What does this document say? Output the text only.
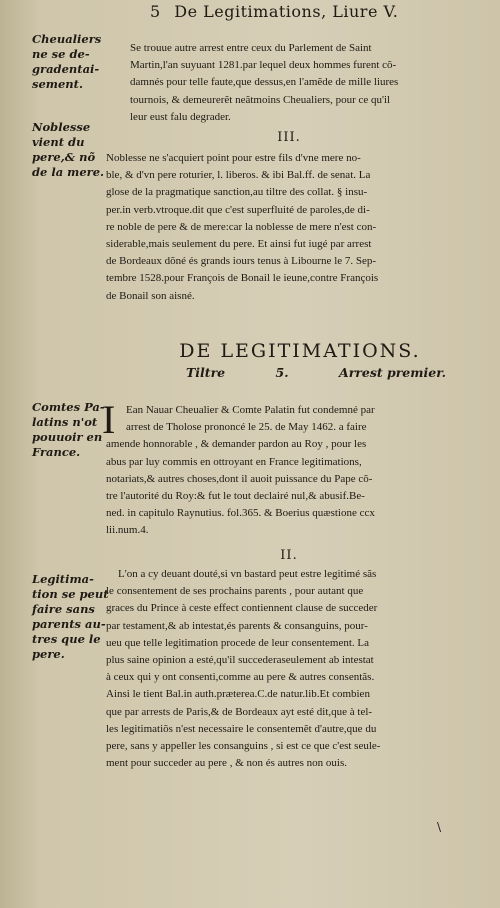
5 De Legitimations, Liure V.
Cheualiers
ne se de-
gradentai-
sement.
Se trouue autre arrest entre ceux du Parlement de Saint
Martin,l'an suyuant 1281.par lequel deux hommes furent cõ-
damnés pour telle faute,que dessus,en l'amẽde de mille liures
tournois, & demeurerẽt neãtmoins Cheualiers, pour ce qu'il
leur eust falu degrader.
III.
Noblesse
vient du
pere,& nõ
de la mere.
Noblesse ne s'acquiert point pour estre fils d'vne mere no-
ble, & d'vn pere roturier, l. liberos. & ibi Bal.ff. de senat. La
glose de la pragmatique sanction,au tiltre des collat. § insu-
per.in verb.vtroque.dit que c'est superfluité de paroles,de di-
re noble de pere & de mere:car la noblesse de mere n'est con-
siderable,mais seulement du pere. Et ainsi fut iugé par arrest
de Bordeaux dõné és grands iours tenus à Libourne le 7. Sep-
tembre 1528.pour François de Bonail le ieune,contre François
de Bonail son aisné.
DE LEGITIMATIONS.
Tiltre	5.	Arrest premier.
Comtes Pa-
latins n'ot
pouuoir en
France.
I Ean Nauar Cheualier & Comte Palatin fut condemné par
arrest de Tholose prononcé le 25. de May 1462. a faire
amende honnorable , & demander pardon au Roy , pour les
abus par luy commis en ottroyant en France legitimations,
notariats,& autres choses,dont il auoit puissance du Pape cõ-
tre l'autorité du Roy:& fut le tout declairé nul,& abusif.Be-
ned. in capitulo Raynutius. fol.365. & Boerius quæstione ccx
lii.num.4.
II.
Legitima-
tion se peut
faire sans
parents au-
tres que le
pere.
L'on a cy deuant douté,si vn bastard peut estre legitimé sãs
le consentement de ses prochains parents , pour autant que
graces du Prince à ceste effect contiennent clause de succeder
par testament,& ab intestat,és parents & consanguins, pour-
ueu que telle legitimation procede de leur consentement. La
plus saine opinion a esté,qu'il succederaseulement ab intestat
à ceux qui y ont consenti,comme au pere & autres consentãs.
Ainsi le tient Bal.in auth.præterea.C.de natur.lib.Et combien
que par arrests de Paris,& de Bordeaux ayt esté dit,que à tel-
les legitimatiõs n'est necessaire le consentemẽt d'autre,que du
pere, sans y appeller les consanguins , si est ce que c'est seule-
ment pour succeder au pere , & non és autres non ouis.
\
